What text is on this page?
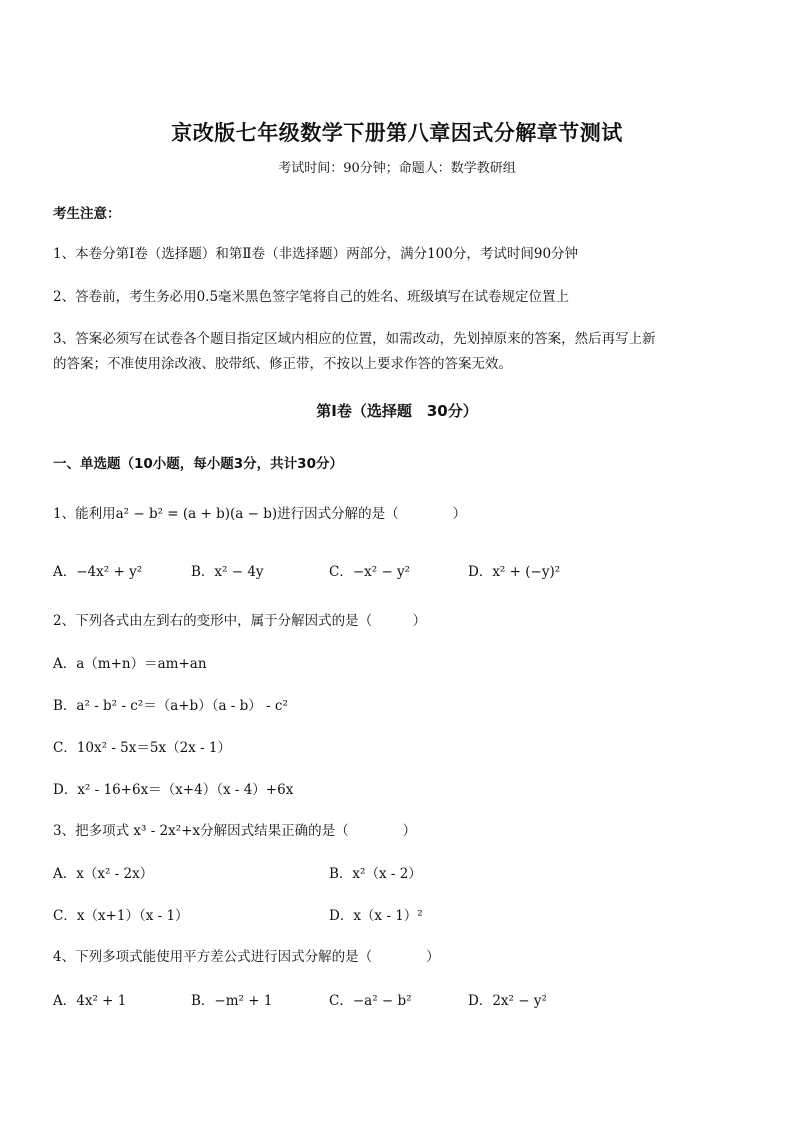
京改版七年级数学下册第八章因式分解章节测试
考试时间：90分钟；命题人：数学教研组
考生注意：
1、本卷分第Ⅰ卷（选择题）和第Ⅱ卷（非选择题）两部分，满分100分，考试时间90分钟
2、答卷前，考生务必用0.5毫米黑色签字笔将自己的姓名、班级填写在试卷规定位置上
3、答案必须写在试卷各个题目指定区域内相应的位置，如需改动，先划掉原来的答案，然后再写上新
的答案；不准使用涂改液、胶带纸、修正带，不按以上要求作答的答案无效。
第Ⅰ卷（选择题　30分）
一、单选题（10小题，每小题3分，共计30分）
1、能利用a² − b² = (a + b)(a − b)进行因式分解的是（　　　　）
A．−4x² + y²	B．x² − 4y	C．−x² − y²	D．x² + (−y)²
2、下列各式由左到右的变形中，属于分解因式的是（　　　）
A．a（m+n）＝am+an
B．a² - b² - c²＝（a+b）（a - b） - c²
C．10x² - 5x＝5x（2x - 1）
D．x² - 16+6x＝（x+4）（x - 4）+6x
3、把多项式 x³ - 2x²+x分解因式结果正确的是（　　　　）
A．x（x² - 2x）	B．x²（x - 2）
C．x（x+1）（x - 1）	D．x（x - 1）²
4、下列多项式能使用平方差公式进行因式分解的是（　　　　）
A．4x² + 1	B．−m² + 1	C．−a² − b²	D．2x² − y²
